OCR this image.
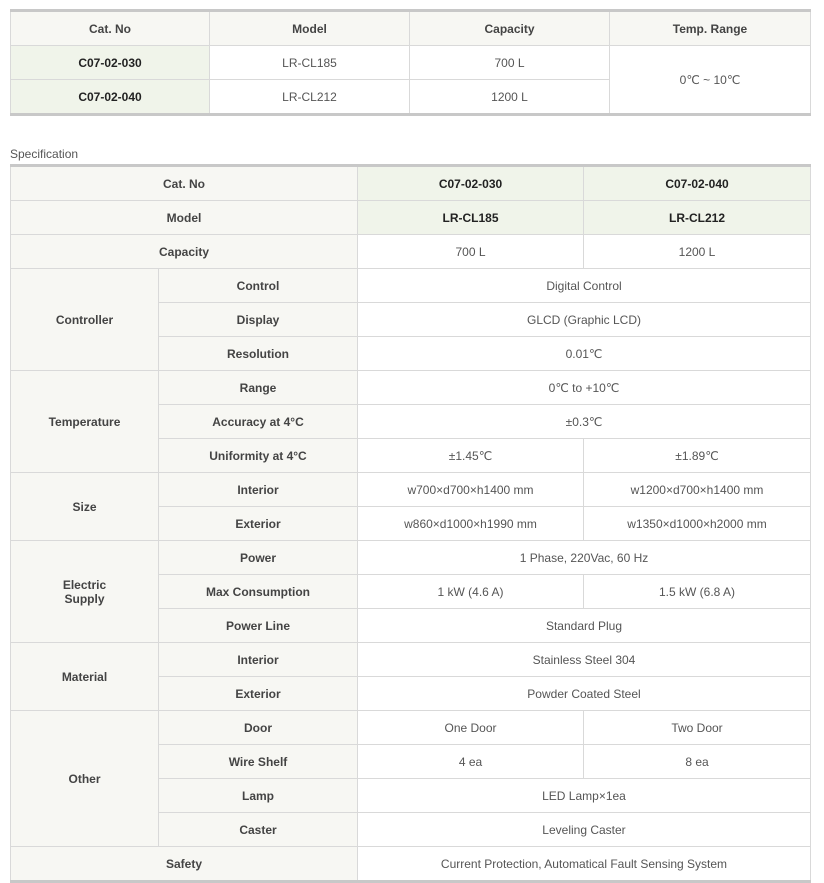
Cat. No	Model	Capacity	Temp. Range
C07-02-030	LR-CL185	700 L	0℃ ~ 10℃
C07-02-040	LR-CL212	1200 L	
Specification
Cat. No		C07-02-030	C07-02-040
Model		LR-CL185	LR-CL212
Capacity		700 L	1200 L
Controller	Control	Digital Control	
	Display	GLCD (Graphic LCD)	
	Resolution	0.01℃	
Temperature	Range	0℃ to +10℃	
	Accuracy at 4°C	±0.3℃	
	Uniformity at 4°C	±1.45℃	±1.89℃
Size	Interior	w700×d700×h1400 mm	w1200×d700×h1400 mm
	Exterior	w860×d1000×h1990 mm	w1350×d1000×h2000 mm
Electric
Supply	Power	1 Phase, 220Vac, 60 Hz	
	Max Consumption	1 kW (4.6 A)	1.5 kW (6.8 A)
	Power Line	Standard Plug	
Material	Interior	Stainless Steel 304	
	Exterior	Powder Coated Steel	
Other	Door	One Door	Two Door
	Wire Shelf	4 ea	8 ea
	Lamp	LED Lamp×1ea	
	Caster	Leveling Caster	
Safety		Current Protection, Automatical Fault Sensing System	
